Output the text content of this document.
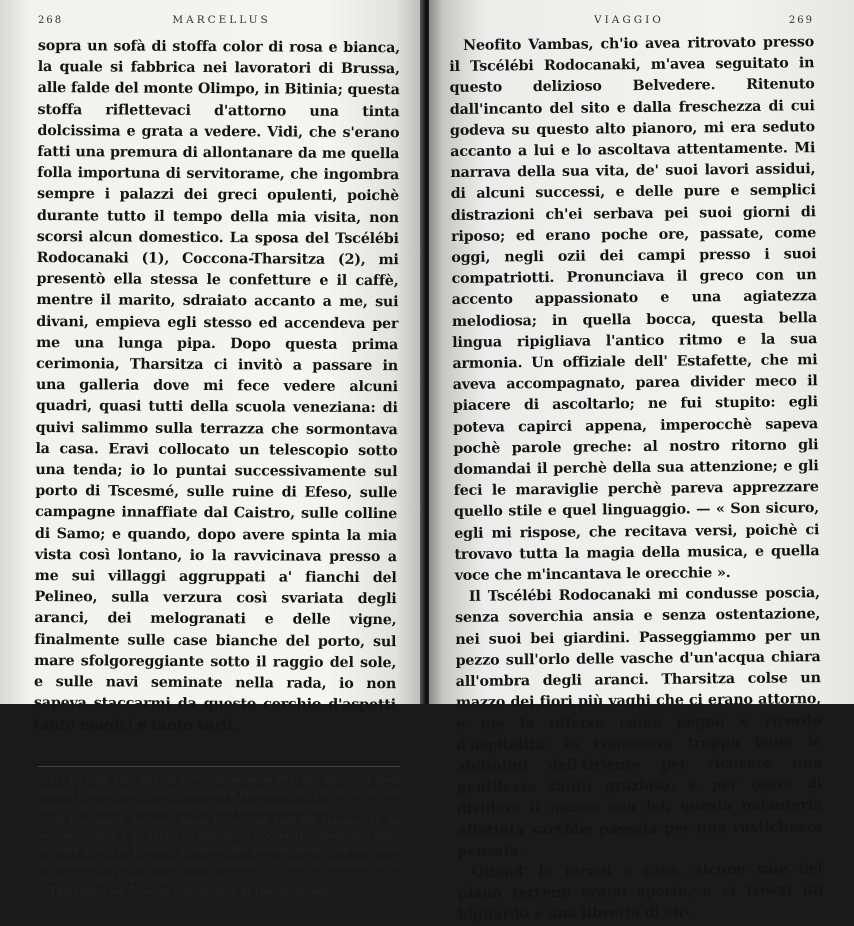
268	MARCELLUS

sopra un sofà di stoffa color di rosa e bianca, la quale si fabbrica nei lavoratori di Brussa, alle falde del monte Olimpo, in Bitinia; questa stoffa riflettevaci d'attorno una tinta dolcissima e grata a vedere. Vidi, che s'erano fatti una premura di allontanare da me quella folla importuna di servitorame, che ingombra sempre i palazzi dei greci opulenti, poichè durante tutto il tempo della mia visita, non scorsi alcun domestico. La sposa del Tscélébi Rodocanaki (1), Coccona-Tharsitza (2), mi presentò ella stessa le confetture e il caffè, mentre il marito, sdraiato accanto a me, sui divani, empieva egli stesso ed accendeva per me una lunga pipa. Dopo questa prima cerimonia, Tharsitza ci invitò a passare in una galleria dove mi fece vedere alcuni quadri, quasi tutti della scuola veneziana: di quivi salimmo sulla terrazza che sormontava la casa. Eravi collocato un telescopio sotto una tenda; io lo puntai successivamente sul porto di Tscesmé, sulle ruine di Efeso, sulle campagne innaffiate dal Caistro, sulle colline di Samo; e quando, dopo avere spinta la mia vista così lontano, io la ravvicinava presso a me sui villaggi aggruppati a' fianchi del Pelineo, sulla verzura così svariata degli aranci, dei melogranati e delle vigne, finalmente sulle case bianche del porto, sul mare sfolgoreggiante sotto il raggio del sole, e sulle navi seminate nella rada, io non sapeva staccarmi da questo cerchio d'aspetti tanto magici e tanto varii.

(1) Tscélébi vuol dire, in turco, uomo bene educato, pulito, di modi gentili. È titolo che i Greci han tolto a prestanza dai Turchi, e che nel senso che sogliono dargli equivale alla parola gentiluomo.

(2) Coccona è pur'esso nome turco, che vuol dir signora. Se ne servono i Greci, e gli danno un diminutivo Cocconitza; questi due titoli, siccome quello di Tscélébi, si danno alle persone nobili, che non sono nè principi (bey) nè principesse (domna) nè figli di principe (bey-zades) nè figlie di principe (domnitza).

Tharsitza, cioè Teresina è diminutivo di Tharsa, Teresa.

VIAGGIO	269

Neofito Vambas, ch'io avea ritrovato presso il Tscélébi Rodocanaki, m'avea seguitato in questo delizioso Belvedere. Ritenuto dall'incanto del sito e dalla freschezza di cui godeva su questo alto pianoro, mi era seduto accanto a lui e lo ascoltava attentamente. Mi narrava della sua vita, de' suoi lavori assidui, di alcuni successi, e delle pure e semplici distrazioni ch'ei serbava pei suoi giorni di riposo; ed erano poche ore, passate, come oggi, negli ozii dei campi presso i suoi compatriotti. Pronunciava il greco con un accento appassionato e una agiatezza melodiosa; in quella bocca, questa bella lingua ripigliava l'antico ritmo e la sua armonia. Un offiziale dell' Estafette, che mi aveva accompagnato, parea divider meco il piacere di ascoltarlo; ne fui stupito: egli poteva capirci appena, imperocchè sapeva pochè parole greche: al nostro ritorno gli domandai il perchè della sua attenzione; e gli feci le maraviglie perchè pareva apprezzare quello stile e quel linguaggio. — « Son sicuro, egli mi rispose, che recitava versi, poichè ci trovavo tutta la magia della musica, e quella voce che m'incantava le orecchie ».

Il Tscélébi Rodocanaki mi condusse poscia, senza soverchia ansia e senza ostentazione, nei suoi bei giardini. Passeggiammo per un pezzo sull'orlo delle vasche d'un'acqua chiara all'ombra degli aranci. Tharsitza colse un mazzo dei fiori più vaghi che ci erano attorno, e me lo offerse come pegno e ricordo d'ospitalità: io conosceva troppo bene le abitudini dell'Oriente per ricusare una gentilezza tanto graziosa, e per osare di dividere il mazzo con lei; questa galanteria affettata sarebbe passata per una rustichezza pensata.

Quand' io tornai a casa, alcune sale del piano terreno erano aperte, e ci trovai un bigliardo e una libreria di cir-
